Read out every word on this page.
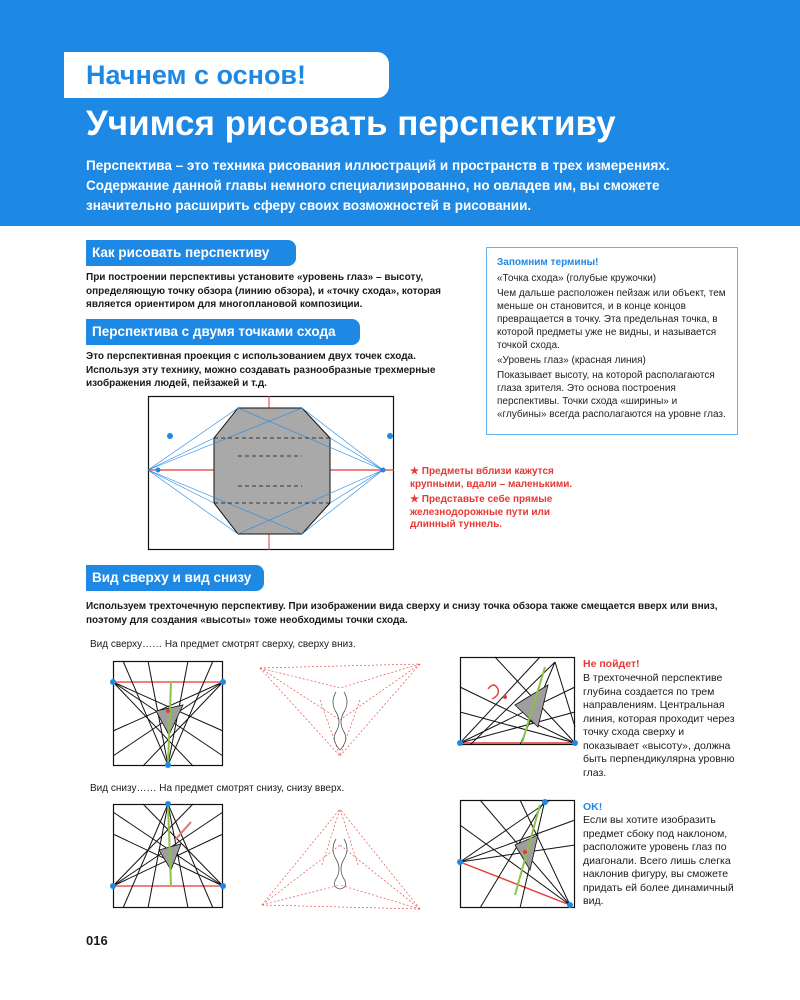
Начнем с основ!
Учимся рисовать перспективу
Перспектива – это техника рисования иллюстраций и пространств в трех измерениях. Содержание данной главы немного специализированно, но овладев им, вы сможете значительно расширить сферу своих возможностей в рисовании.
Как рисовать перспективу
При построении перспективы установите «уровень глаз» – высоту, определяющую точку обзора (линию обзора), и «точку схода», которая является ориентиром для многоплановой композиции.
Перспектива с двумя точками схода
Это перспективная проекция с использованием двух точек схода. Используя эту технику, можно создавать разнообразные трехмерные изображения людей, пейзажей и т.д.
Запомним термины!

«Точка схода» (голубые кружочки)

Чем дальше расположен пейзаж или объект, тем меньше он становится, и в конце концов превращается в точку. Эта предельная точка, в которой предметы уже не видны, и называется точкой схода.

«Уровень глаз» (красная линия)

Показывает высоту, на которой располагаются глаза зрителя. Это основа построения перспективы. Точки схода «ширины» и «глубины» всегда располагаются на уровне глаз.

★ Предметы вблизи кажутся крупными, вдали – маленькими.
★ Представьте себе прямые железнодорожные пути или длинный туннель.
Вид сверху и вид снизу
Используем трехточечную перспективу. При изображении вида сверху и снизу точка обзора также смещается вверх или вниз, поэтому для создания «высоты» тоже необходимы точки схода.
Вид сверху…… На предмет смотрят сверху, сверху вниз.
Вид снизу…… На предмет смотрят снизу, снизу вверх.
Не пойдет!
В трехточечной перспективе глубина создается по трем направлениям. Центральная линия, которая проходит через точку схода сверху и показывает «высоту», должна быть перпендикулярна уровню глаз.
OK!
Если вы хотите изобразить предмет сбоку под наклоном, расположите уровень глаз по диагонали. Всего лишь слегка наклонив фигуру, вы сможете придать ей более динамичный вид.
016
